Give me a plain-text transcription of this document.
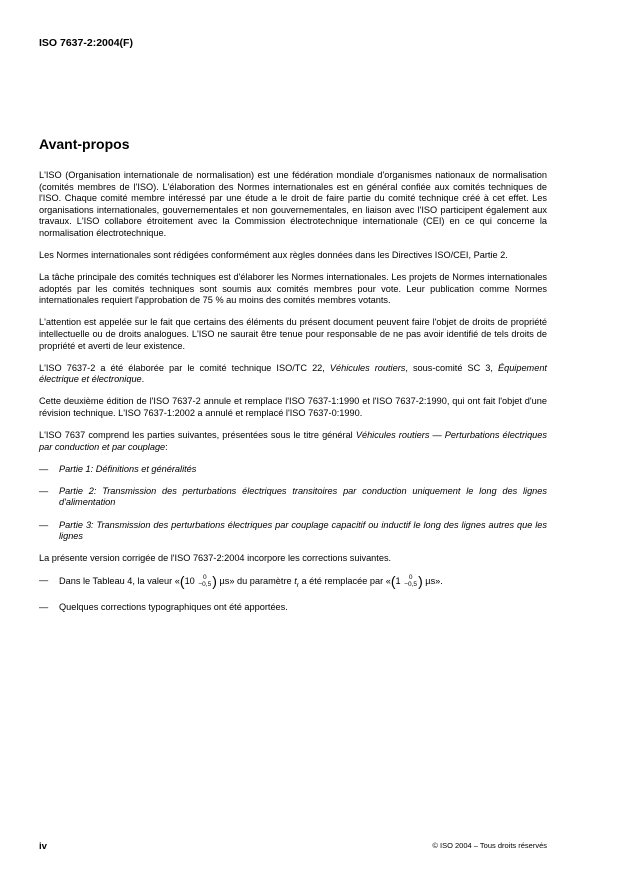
ISO 7637-2:2004(F)
Avant-propos

L'ISO (Organisation internationale de normalisation) est une fédération mondiale d'organismes nationaux de normalisation (comités membres de l'ISO). L'élaboration des Normes internationales est en général confiée aux comités techniques de l'ISO. Chaque comité membre intéressé par une étude a le droit de faire partie du comité technique créé à cet effet. Les organisations internationales, gouvernementales et non gouvernementales, en liaison avec l'ISO participent également aux travaux. L'ISO collabore étroitement avec la Commission électrotechnique internationale (CEI) en ce qui concerne la normalisation électrotechnique.

Les Normes internationales sont rédigées conformément aux règles données dans les Directives ISO/CEI, Partie 2.

La tâche principale des comités techniques est d'élaborer les Normes internationales. Les projets de Normes internationales adoptés par les comités techniques sont soumis aux comités membres pour vote. Leur publication comme Normes internationales requiert l'approbation de 75 % au moins des comités membres votants.

L'attention est appelée sur le fait que certains des éléments du présent document peuvent faire l'objet de droits de propriété intellectuelle ou de droits analogues. L'ISO ne saurait être tenue pour responsable de ne pas avoir identifié de tels droits de propriété et averti de leur existence.

L'ISO 7637-2 a été élaborée par le comité technique ISO/TC 22, Véhicules routiers, sous-comité SC 3, Équipement électrique et électronique.

Cette deuxième édition de l'ISO 7637-2 annule et remplace l'ISO 7637-1:1990 et l'ISO 7637-2:1990, qui ont fait l'objet d'une révision technique. L'ISO 7637-1:2002 a annulé et remplacé l'ISO 7637-0:1990.

L'ISO 7637 comprend les parties suivantes, présentées sous le titre général Véhicules routiers — Perturbations électriques par conduction et par couplage:

— Partie 1: Définitions et généralités
— Partie 2: Transmission des perturbations électriques transitoires par conduction uniquement le long des lignes d'alimentation
— Partie 3: Transmission des perturbations électriques par couplage capacitif ou inductif le long des lignes autres que les lignes

La présente version corrigée de l'ISO 7637-2:2004 incorpore les corrections suivantes.

— Dans le Tableau 4, la valeur «(10	0
−0,5 ) µs» du paramètre $t_r$ a été remplacée par «(1	0
−0,5 ) µs».
— Quelques corrections typographiques ont été apportées.
iv	© ISO 2004 – Tous droits réservés
